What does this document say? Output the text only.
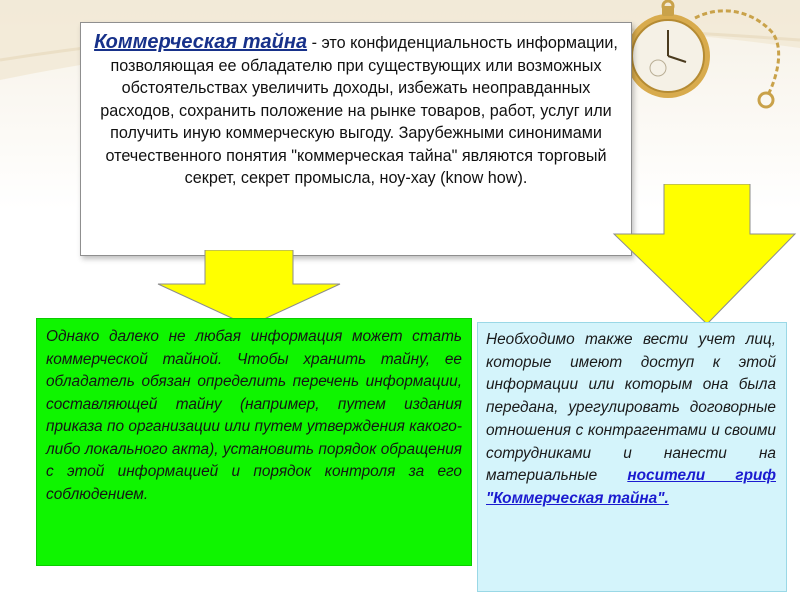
Коммерческая тайна - это конфиденциальность информации, позволяющая ее обладателю при существующих или возможных обстоятельствах увеличить доходы, избежать неоправданных расходов, сохранить положение на рынке товаров, работ, услуг или получить иную коммерческую выгоду. Зарубежными синонимами отечественного понятия "коммерческая тайна" являются торговый секрет, секрет промысла, ноу-хау (know how).
Однако далеко не любая информация может стать коммерческой тайной. Чтобы хранить тайну, ее обладатель обязан определить перечень информации, составляющей тайну (например, путем издания приказа по организации или путем утверждения какого-либо локального акта), установить порядок обращения с этой информацией и порядок контроля за его соблюдением.
Необходимо также вести учет лиц, которые имеют доступ к этой информации или которым она была передана, урегулировать договорные отношения с контрагентами и своими сотрудниками и нанести на материальные носители гриф "Коммерческая тайна".
